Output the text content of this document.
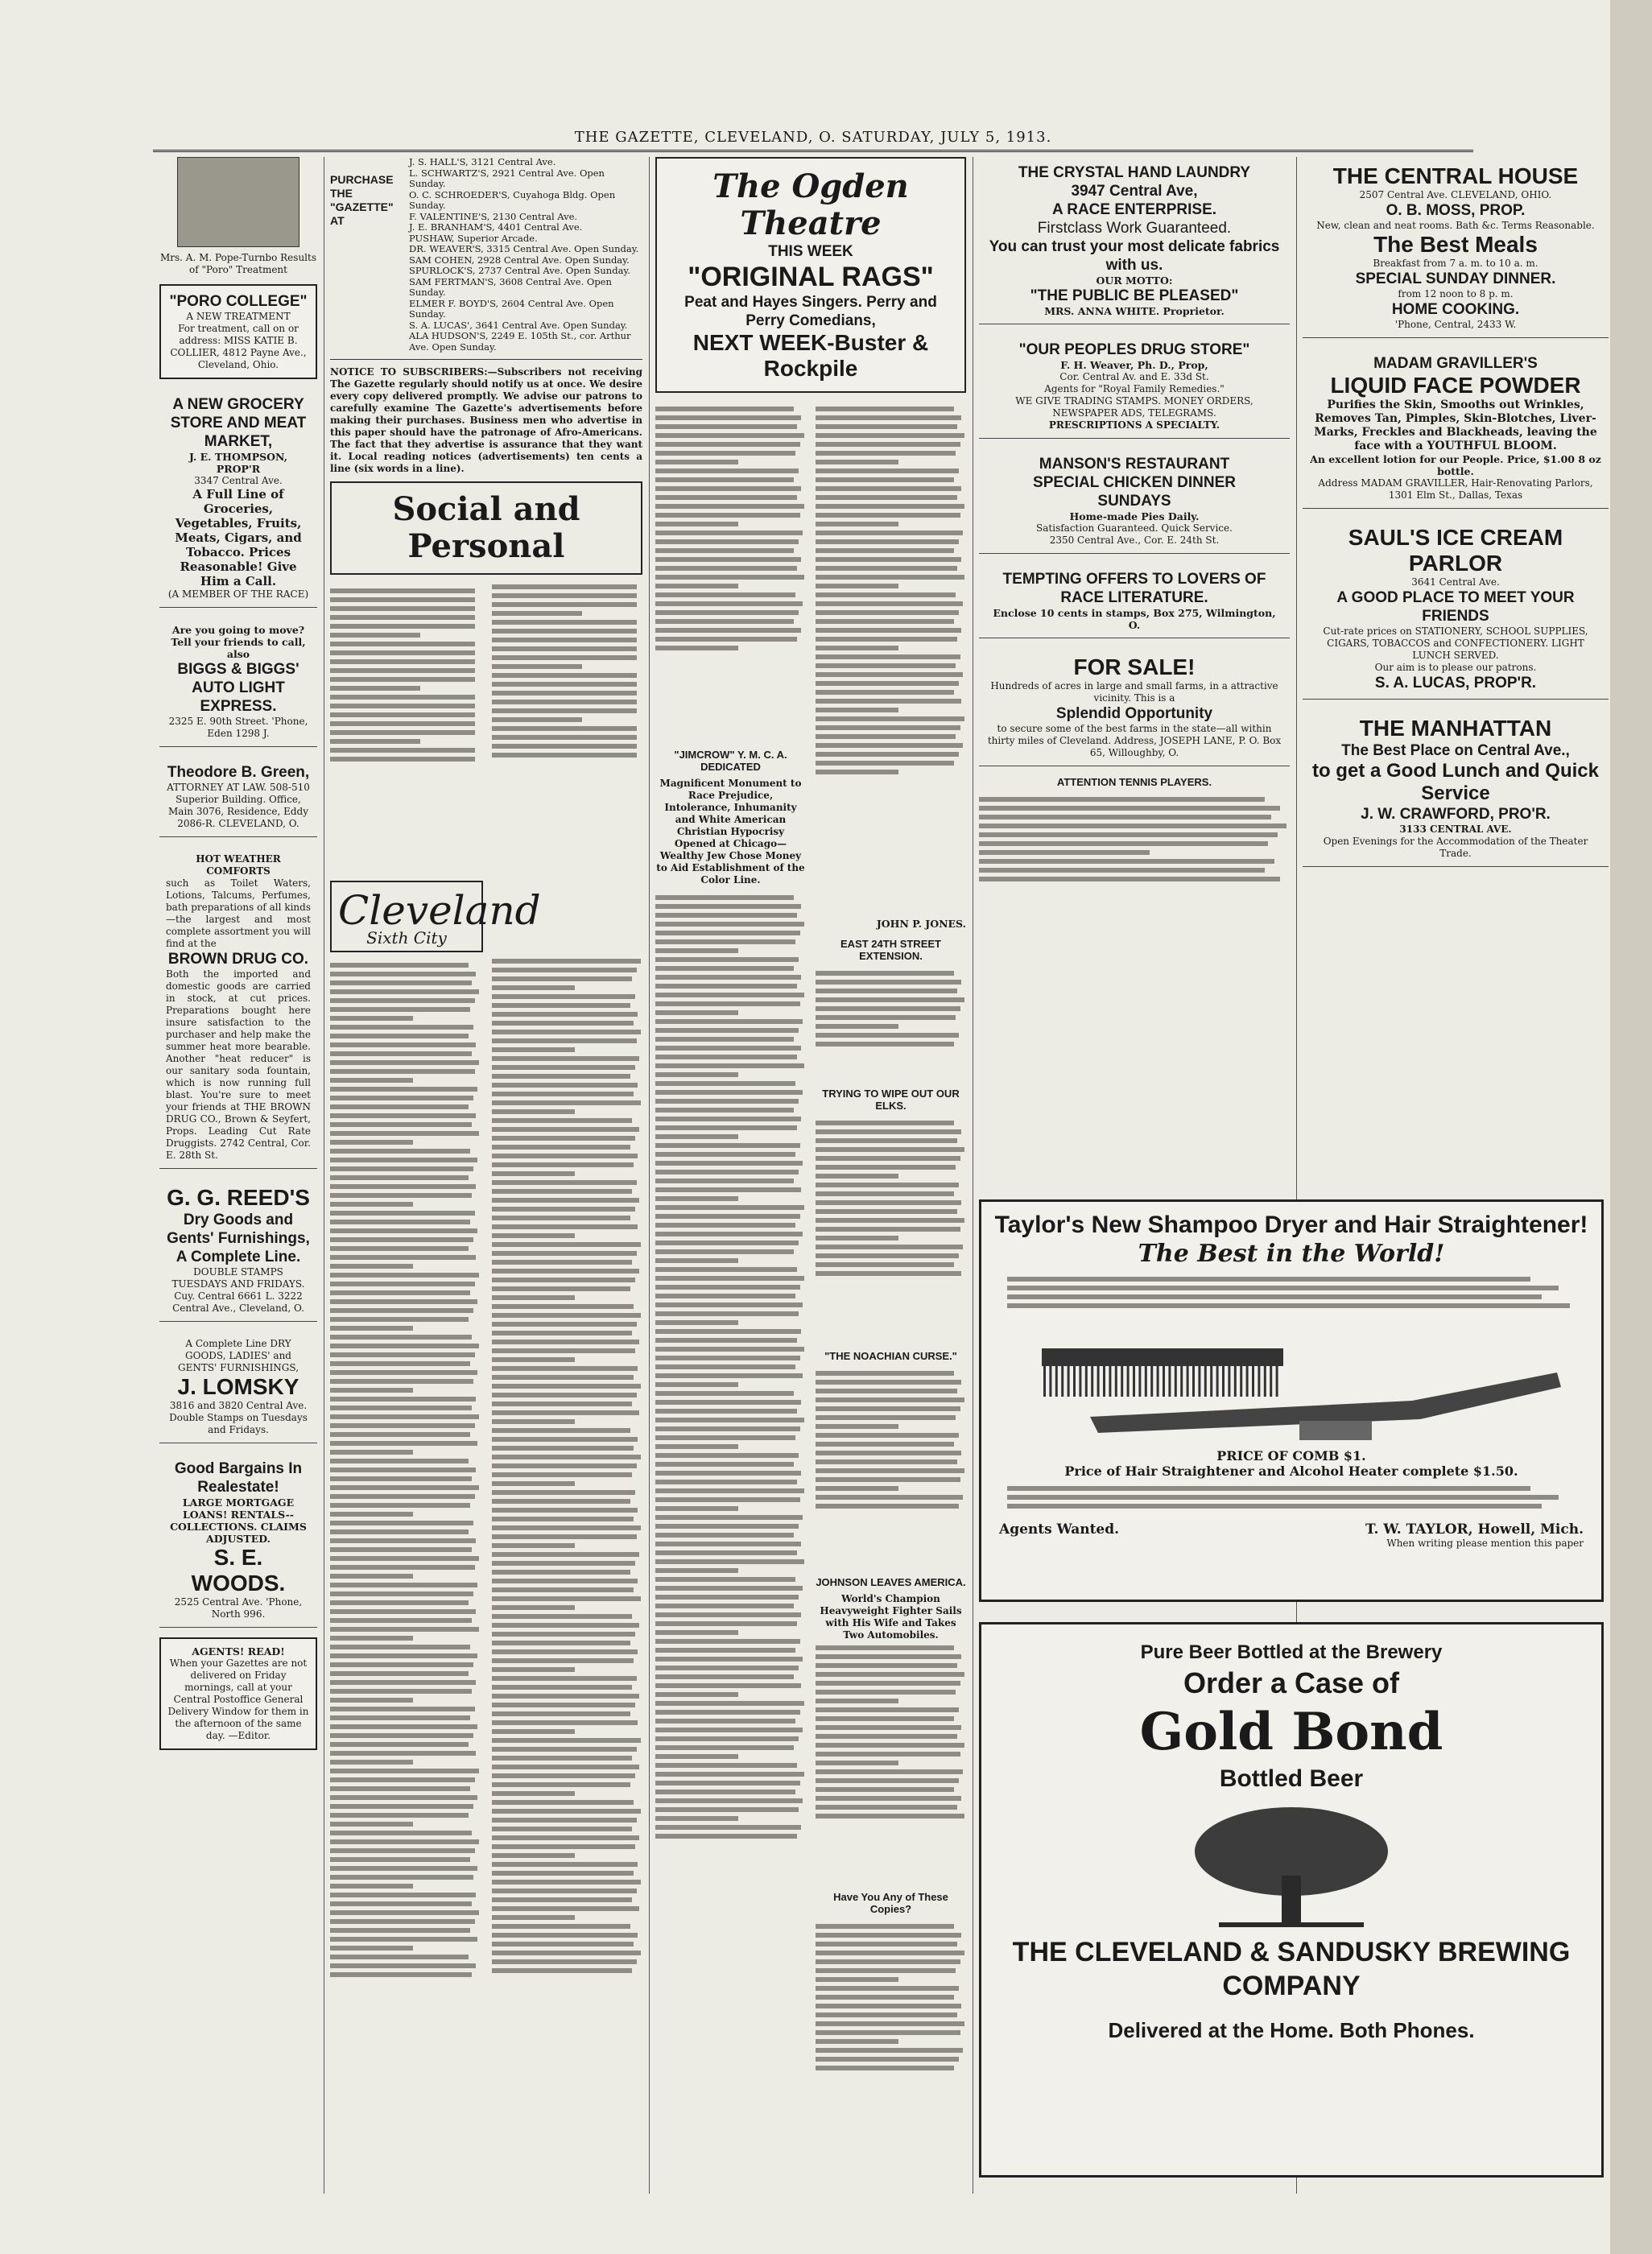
THE GAZETTE, CLEVELAND, O. SATURDAY, JULY 5, 1913.
Mrs. A. M. Pope-Turnbo Results of "Poro" Treatment
"PORO COLLEGE"
A NEW TREATMENT
For treatment, call on or address: MISS KATIE B. COLLIER, 4812 Payne Ave., Cleveland, Ohio.
A NEW GROCERY STORE AND MEAT MARKET,
J. E. THOMPSON, PROP'R
3347 Central Ave.
A Full Line of Groceries, Vegetables, Fruits, Meats, Cigars, and Tobacco. Prices Reasonable! Give Him a Call.
(A MEMBER OF THE RACE)
Are you going to move? Tell your friends to call, also
BIGGS & BIGGS'
AUTO LIGHT EXPRESS.
2325 E. 90th Street. 'Phone, Eden 1298 J.
Theodore B. Green,
ATTORNEY AT LAW. 508-510 Superior Building. Office, Main 3076, Residence, Eddy 2086-R. CLEVELAND, O.
HOT WEATHER COMFORTS
such as Toilet Waters, Lotions, Talcums, Perfumes, bath preparations of all kinds—the largest and most complete assortment you will find at the
BROWN DRUG CO.
Both the imported and domestic goods are carried in stock, at cut prices. Preparations bought here insure satisfaction to the purchaser and help make the summer heat more bearable. Another "heat reducer" is our sanitary soda fountain, which is now running full blast. You're sure to meet your friends at THE BROWN DRUG CO., Brown & Seyfert, Props. Leading Cut Rate Druggists. 2742 Central, Cor. E. 28th St.
G. G. REED'S
Dry Goods and Gents' Furnishings, A Complete Line.
DOUBLE STAMPS TUESDAYS AND FRIDAYS. Cuy. Central 6661 L. 3222 Central Ave., Cleveland, O.
A Complete Line DRY GOODS, LADIES' and GENTS' FURNISHINGS,
J. LOMSKY
3816 and 3820 Central Ave. Double Stamps on Tuesdays and Fridays.
Good Bargains In Realestate!
LARGE MORTGAGE LOANS! RENTALS--COLLECTIONS. CLAIMS ADJUSTED.
S. E. WOODS.
2525 Central Ave. 'Phone, North 996.
AGENTS! READ!
When your Gazettes are not delivered on Friday mornings, call at your Central Postoffice General Delivery Window for them in the afternoon of the same day. —Editor.
PURCHASE THE "GAZETTE" AT
J. S. HALL'S, 3121 Central Ave.
L. SCHWARTZ'S, 2921 Central Ave. Open Sunday.
O. C. SCHROEDER'S, Cuyahoga Bldg. Open Sunday.
F. VALENTINE'S, 2130 Central Ave.
J. E. BRANHAM'S, 4401 Central Ave.
PUSHAW, Superior Arcade.
DR. WEAVER'S, 3315 Central Ave. Open Sunday.
SAM COHEN, 2928 Central Ave. Open Sunday.
SPURLOCK'S, 2737 Central Ave. Open Sunday.
SAM FERTMAN'S, 3608 Central Ave. Open Sunday.
ELMER F. BOYD'S, 2604 Central Ave. Open Sunday.
S. A. LUCAS', 3641 Central Ave. Open Sunday.
ALA HUDSON'S, 2249 E. 105th St., cor. Arthur Ave. Open Sunday.
NOTICE TO SUBSCRIBERS:—Subscribers not receiving The Gazette regularly should notify us at once. We desire every copy delivered promptly. We advise our patrons to carefully examine The Gazette's advertisements before making their purchases. Business men who advertise in this paper should have the patronage of Afro-Americans. The fact that they advertise is assurance that they want it. Local reading notices (advertisements) ten cents a line (six words in a line).
Social and Personal
Cleveland
Sixth City
The Ogden Theatre
THIS WEEK
"ORIGINAL RAGS"
Peat and Hayes Singers. Perry and Perry Comedians,
NEXT WEEK-Buster & Rockpile
"JIMCROW" Y. M. C. A. DEDICATED
Magnificent Monument to Race Prejudice, Intolerance, Inhumanity and White American Christian Hypocrisy Opened at Chicago—Wealthy Jew Chose Money to Aid Establishment of the Color Line.
JOHN P. JONES.
EAST 24TH STREET EXTENSION.
TRYING TO WIPE OUT OUR ELKS.
"THE NOACHIAN CURSE."
JOHNSON LEAVES AMERICA.
World's Champion Heavyweight Fighter Sails with His Wife and Takes Two Automobiles.
Have You Any of These Copies?
THE CRYSTAL HAND LAUNDRY
3947 Central Ave,
A RACE ENTERPRISE.
Firstclass Work Guaranteed.
You can trust your most delicate fabrics with us.
OUR MOTTO:
"THE PUBLIC BE PLEASED"
MRS. ANNA WHITE. Proprietor.
"OUR PEOPLES DRUG STORE"
F. H. Weaver, Ph. D., Prop,
Cor. Central Av. and E. 33d St.
Agents for "Royal Family Remedies."
WE GIVE TRADING STAMPS. MONEY ORDERS, NEWSPAPER ADS, TELEGRAMS.
PRESCRIPTIONS A SPECIALTY.
MANSON'S RESTAURANT
SPECIAL CHICKEN DINNER
SUNDAYS
Home-made Pies Daily.
Satisfaction Guaranteed. Quick Service.
2350 Central Ave., Cor. E. 24th St.
TEMPTING OFFERS TO LOVERS OF RACE LITERATURE.
Enclose 10 cents in stamps, Box 275, Wilmington, O.
FOR SALE!
Hundreds of acres in large and small farms, in a attractive vicinity. This is a
Splendid Opportunity
to secure some of the best farms in the state—all within thirty miles of Cleveland. Address, JOSEPH LANE, P. O. Box 65, Willoughby, O.
ATTENTION TENNIS PLAYERS.
THE CENTRAL HOUSE
2507 Central Ave. CLEVELAND, OHIO.
O. B. MOSS, PROP.
New, clean and neat rooms. Bath &c. Terms Reasonable.
The Best Meals
Breakfast from 7 a. m. to 10 a. m.
SPECIAL SUNDAY DINNER.
from 12 noon to 8 p. m.
HOME COOKING.
'Phone, Central, 2433 W.
MADAM GRAVILLER'S
LIQUID FACE POWDER
Purifies the Skin, Smooths out Wrinkles, Removes Tan, Pimples, Skin-Blotches, Liver-Marks, Freckles and Blackheads, leaving the face with a YOUTHFUL BLOOM.
An excellent lotion for our People. Price, $1.00 8 oz bottle.
Address MADAM GRAVILLER, Hair-Renovating Parlors, 1301 Elm St., Dallas, Texas
SAUL'S ICE CREAM PARLOR
3641 Central Ave.
A GOOD PLACE TO MEET YOUR FRIENDS
Cut-rate prices on STATIONERY, SCHOOL SUPPLIES, CIGARS, TOBACCOS and CONFECTIONERY. LIGHT LUNCH SERVED.
Our aim is to please our patrons.
S. A. LUCAS, PROP'R.
THE MANHATTAN
The Best Place on Central Ave.,
to get a Good Lunch and Quick Service
J. W. CRAWFORD, PRO'R.
3133 CENTRAL AVE.
Open Evenings for the Accommodation of the Theater Trade.
Taylor's New Shampoo Dryer and Hair Straightener!
The Best in the World!
PRICE OF COMB $1.
Price of Hair Straightener and Alcohol Heater complete $1.50.
Agents Wanted.	T. W. TAYLOR, Howell, Mich.
When writing please mention this paper
Pure Beer Bottled at the Brewery
Order a Case of
Gold Bond
Bottled Beer
THE CLEVELAND & SANDUSKY BREWING COMPANY
Delivered at the Home. Both Phones.
